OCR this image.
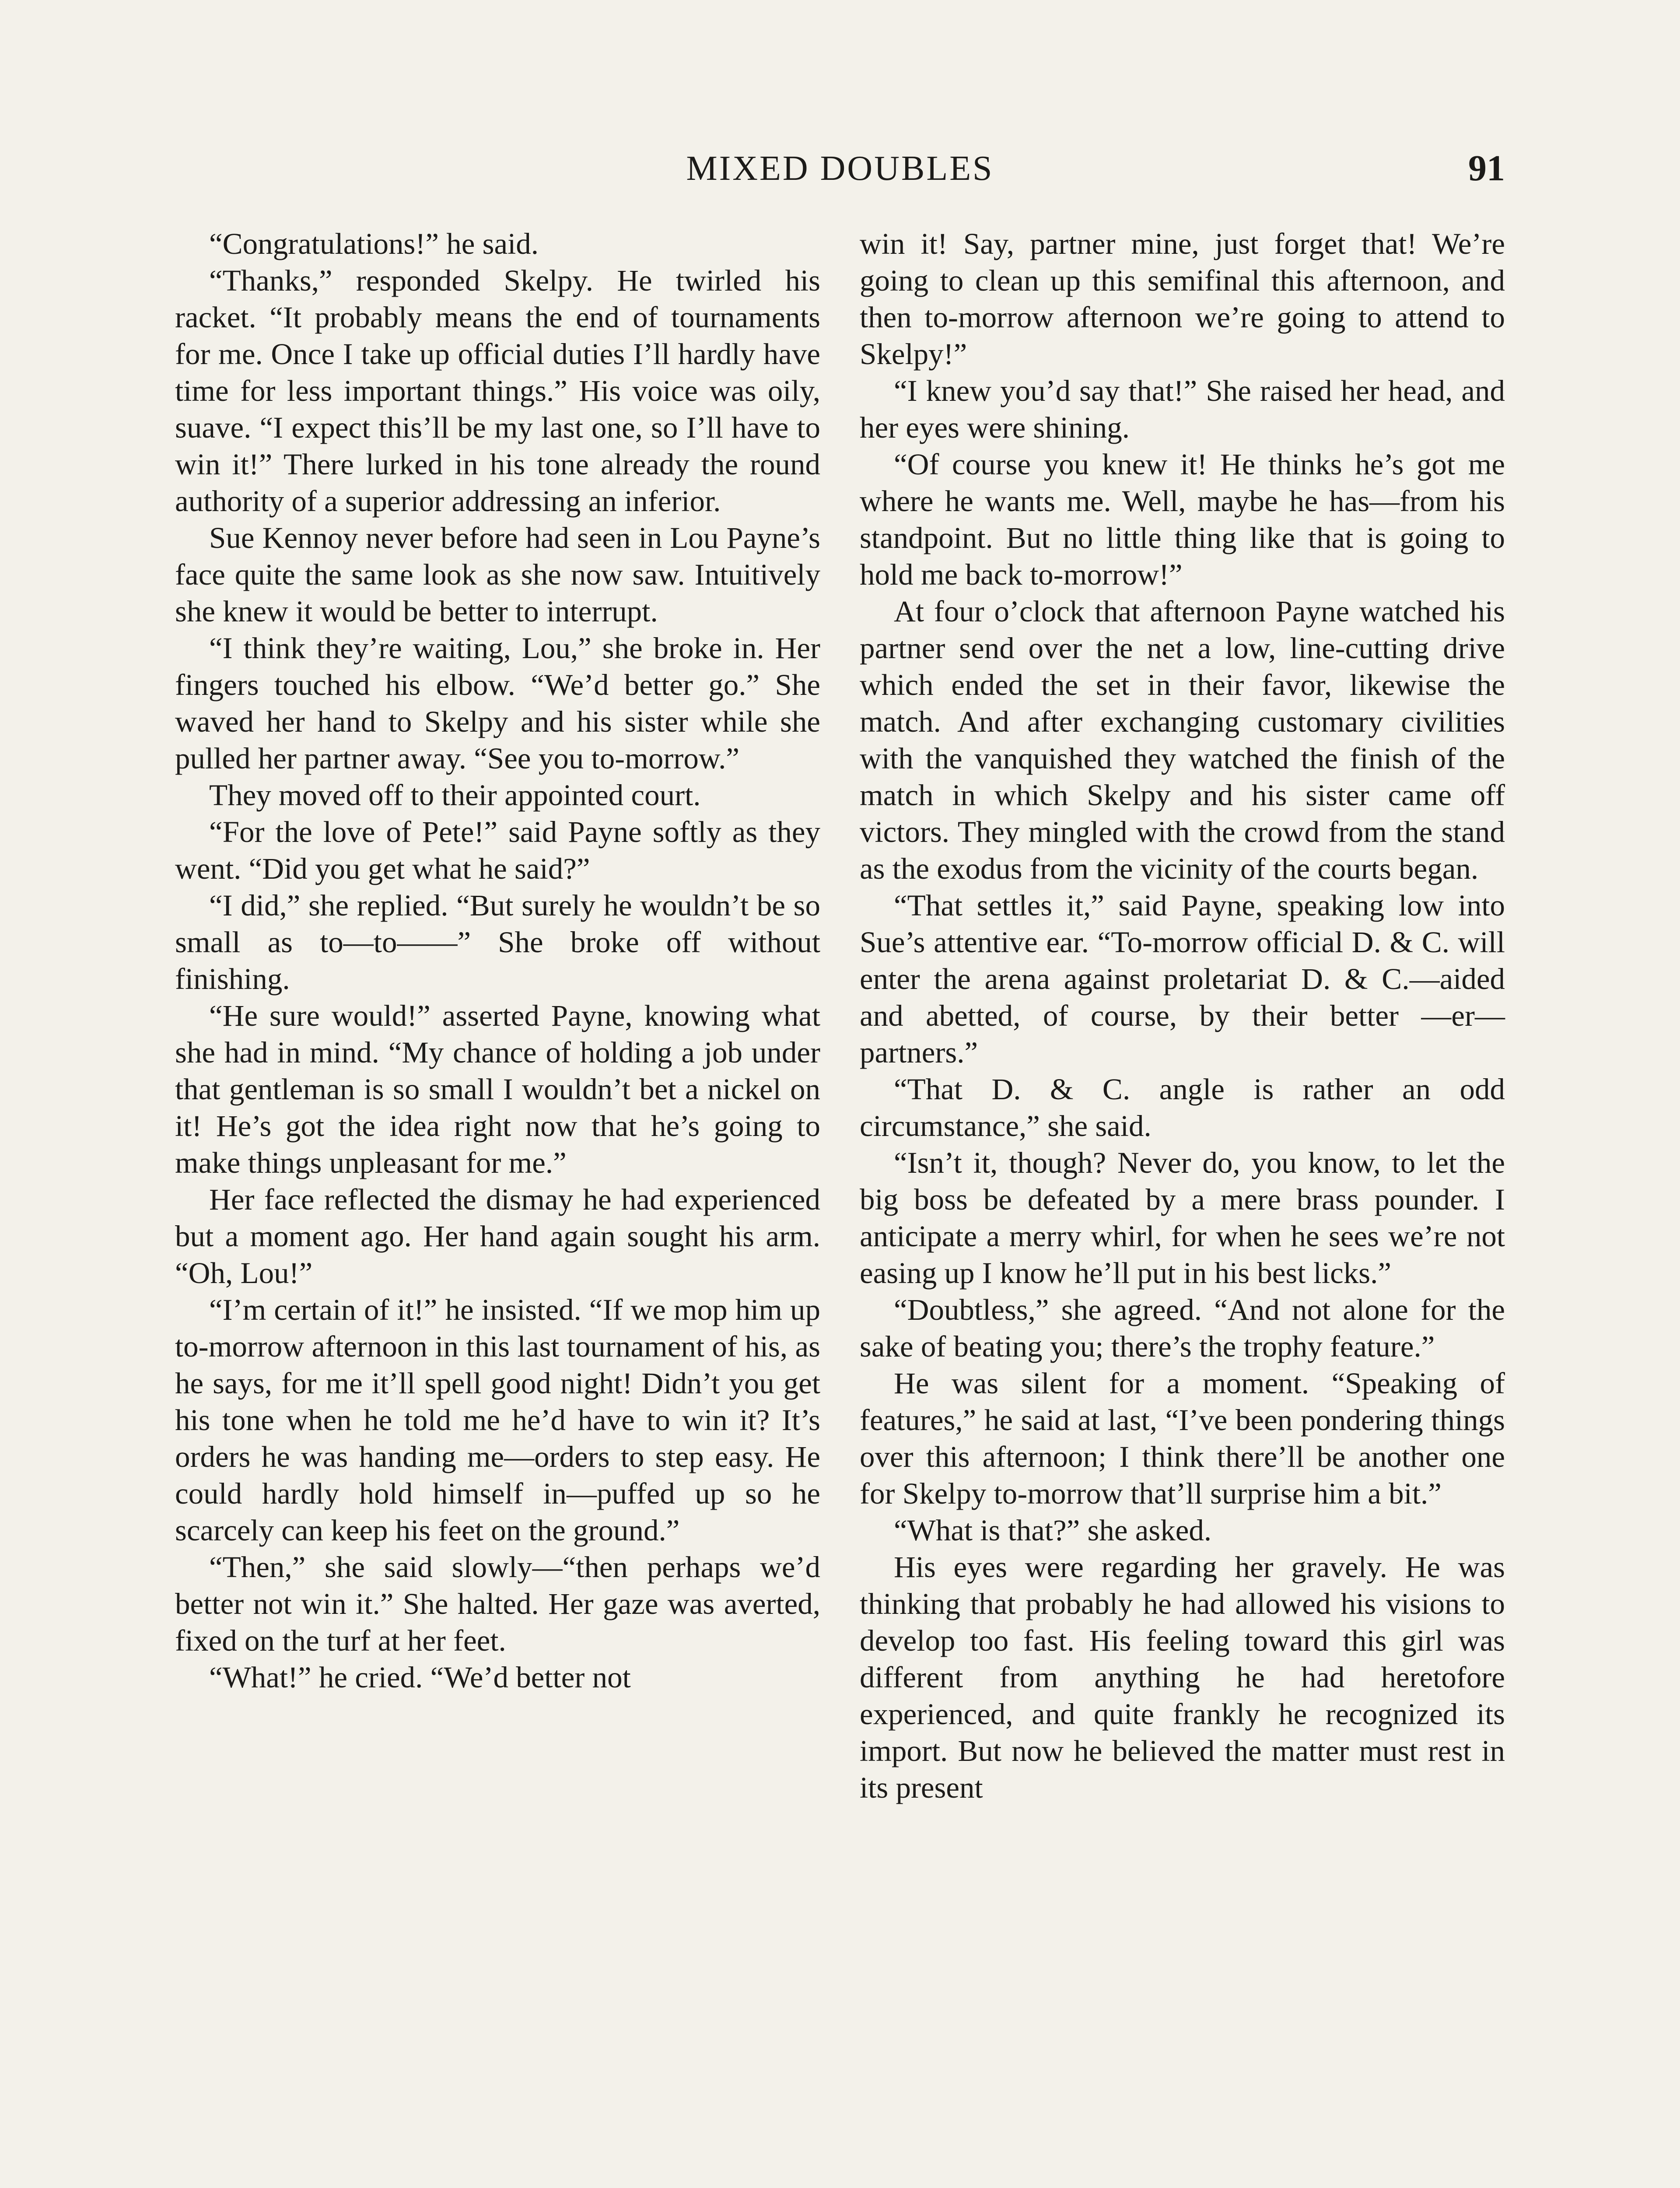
MIXED DOUBLES	91

“Congratulations!” he said.

“Thanks,” responded Skelpy. He twirled his racket. “It probably means the end of tournaments for me. Once I take up official duties I’ll hardly have time for less important things.” His voice was oily, suave. “I expect this’ll be my last one, so I’ll have to win it!” There lurked in his tone already the round authority of a superior addressing an inferior.

Sue Kennoy never before had seen in Lou Payne’s face quite the same look as she now saw. Intuitively she knew it would be better to interrupt.

“I think they’re waiting, Lou,” she broke in. Her fingers touched his elbow. “We’d better go.” She waved her hand to Skelpy and his sister while she pulled her partner away. “See you to-morrow.”

They moved off to their appointed court.

“For the love of Pete!” said Payne softly as they went. “Did you get what he said?”

“I did,” she replied. “But surely he wouldn’t be so small as to—to——” She broke off without finishing.

“He sure would!” asserted Payne, knowing what she had in mind. “My chance of holding a job under that gentleman is so small I wouldn’t bet a nickel on it! He’s got the idea right now that he’s going to make things unpleasant for me.”

Her face reflected the dismay he had experienced but a moment ago. Her hand again sought his arm. “Oh, Lou!”

“I’m certain of it!” he insisted. “If we mop him up to-morrow afternoon in this last tournament of his, as he says, for me it’ll spell good night! Didn’t you get his tone when he told me he’d have to win it? It’s orders he was handing me—orders to step easy. He could hardly hold himself in—puffed up so he scarcely can keep his feet on the ground.”

“Then,” she said slowly—“then perhaps we’d better not win it.” She halted. Her gaze was averted, fixed on the turf at her feet.

“What!” he cried. “We’d better not

win it! Say, partner mine, just forget that! We’re going to clean up this semifinal this afternoon, and then to-morrow afternoon we’re going to attend to Skelpy!”

“I knew you’d say that!” She raised her head, and her eyes were shining.

“Of course you knew it! He thinks he’s got me where he wants me. Well, maybe he has—from his standpoint. But no little thing like that is going to hold me back to-morrow!”

At four o’clock that afternoon Payne watched his partner send over the net a low, line-cutting drive which ended the set in their favor, likewise the match. And after exchanging customary civilities with the vanquished they watched the finish of the match in which Skelpy and his sister came off victors. They mingled with the crowd from the stand as the exodus from the vicinity of the courts began.

“That settles it,” said Payne, speaking low into Sue’s attentive ear. “To-morrow official D. & C. will enter the arena against proletariat D. & C.—aided and abetted, of course, by their better —er—partners.”

“That D. & C. angle is rather an odd circumstance,” she said.

“Isn’t it, though? Never do, you know, to let the big boss be defeated by a mere brass pounder. I anticipate a merry whirl, for when he sees we’re not easing up I know he’ll put in his best licks.”

“Doubtless,” she agreed. “And not alone for the sake of beating you; there’s the trophy feature.”

He was silent for a moment. “Speaking of features,” he said at last, “I’ve been pondering things over this afternoon; I think there’ll be another one for Skelpy to-morrow that’ll surprise him a bit.”

“What is that?” she asked.

His eyes were regarding her gravely. He was thinking that probably he had allowed his visions to develop too fast. His feeling toward this girl was different from anything he had heretofore experienced, and quite frankly he recognized its import. But now he believed the matter must rest in its present
